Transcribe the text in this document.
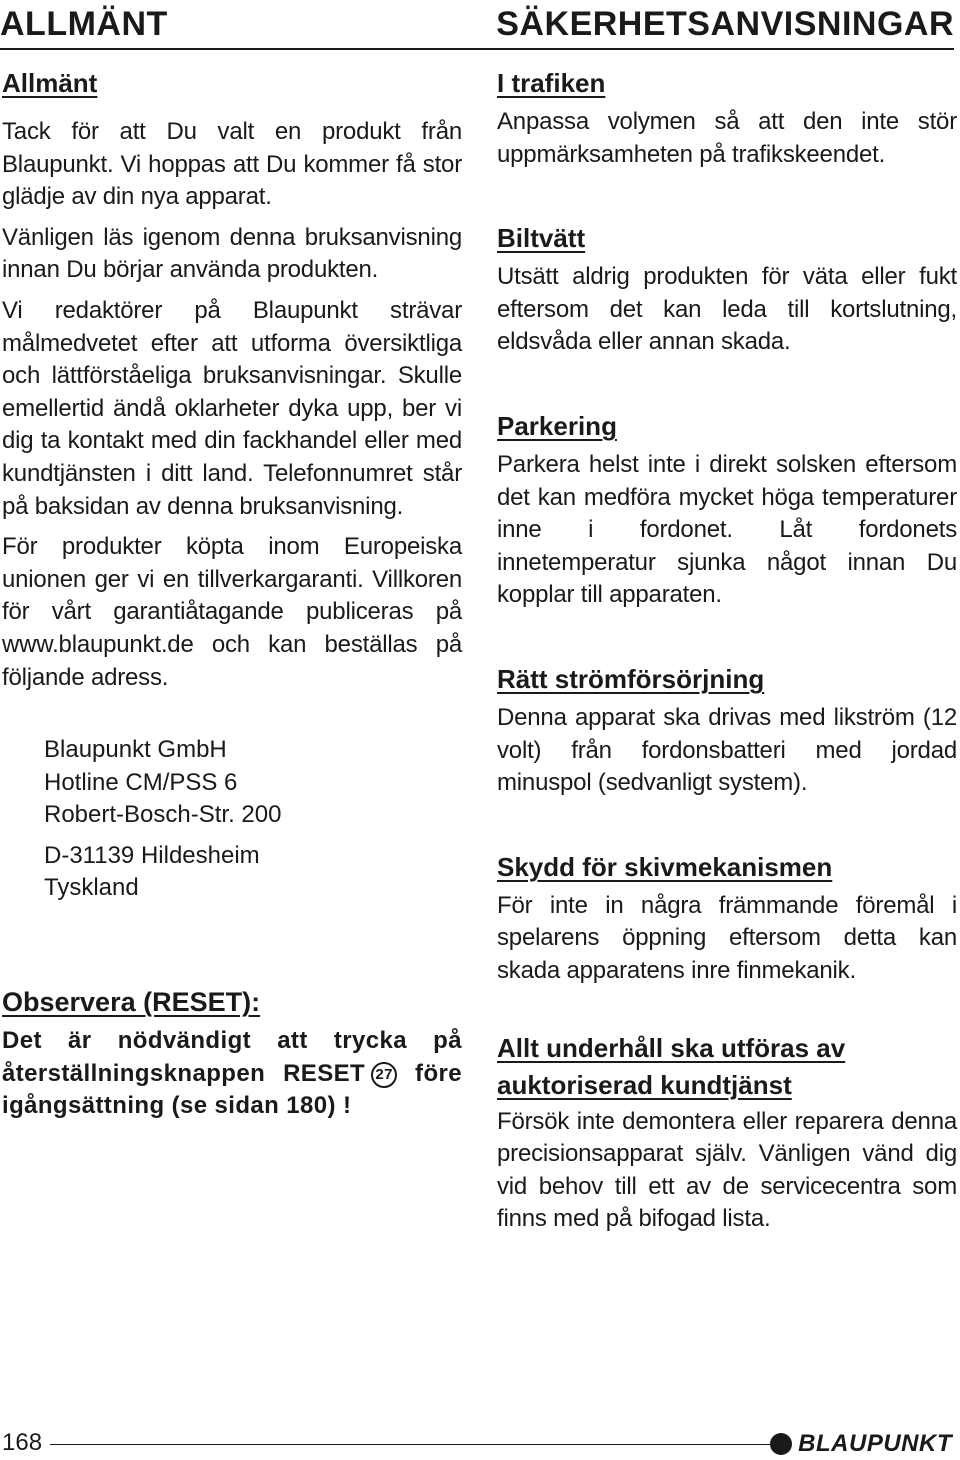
ALLMÄNT	SÄKERHETSANVISNINGAR
Allmänt

Tack för att Du valt en produkt från Blaupunkt. Vi hoppas att Du kommer få stor glädje av din nya apparat.

Vänligen läs igenom denna bruksanvisning innan Du börjar använda produkten.

Vi redaktörer på Blaupunkt strävar målmedvetet efter att utforma översiktliga och lättförståeliga bruksanvisningar. Skulle emellertid ändå oklarheter dyka upp, ber vi dig ta kontakt med din fackhandel eller med kundtjänsten i ditt land. Telefonnumret står på baksidan av denna bruksanvisning.

För produkter köpta inom Europeiska unionen ger vi en tillverkargaranti. Villkoren för vårt garantiåtagande publiceras på www.blaupunkt.de och kan beställas på följande adress.

Blaupunkt GmbH
Hotline CM/PSS 6
Robert-Bosch-Str. 200
D-31139 Hildesheim
Tyskland
Observera (RESET):

Det är nödvändigt att trycka på återställningsknappen RESET 27 före igångsättning (se sidan 180) !

I trafiken

Anpassa volymen så att den inte stör uppmärksamheten på trafikskeendet.

Biltvätt

Utsätt aldrig produkten för väta eller fukt eftersom det kan leda till kortslutning, eldsvåda eller annan skada.

Parkering

Parkera helst inte i direkt solsken eftersom det kan medföra mycket höga temperaturer inne i fordonet. Låt fordonets innetemperatur sjunka något innan Du kopplar till apparaten.

Rätt strömförsörjning

Denna apparat ska drivas med likström (12 volt) från fordonsbatteri med jordad minuspol (sedvanligt system).

Skydd för skivmekanismen

För inte in några främmande föremål i spelarens öppning eftersom detta kan skada apparatens inre finmekanik.

Allt underhåll ska utföras av auktoriserad kundtjänst

Försök inte demontera eller reparera denna precisionsapparat själv. Vänligen vänd dig vid behov till ett av de servicecentra som finns med på bifogad lista.

168	BLAUPUNKT
